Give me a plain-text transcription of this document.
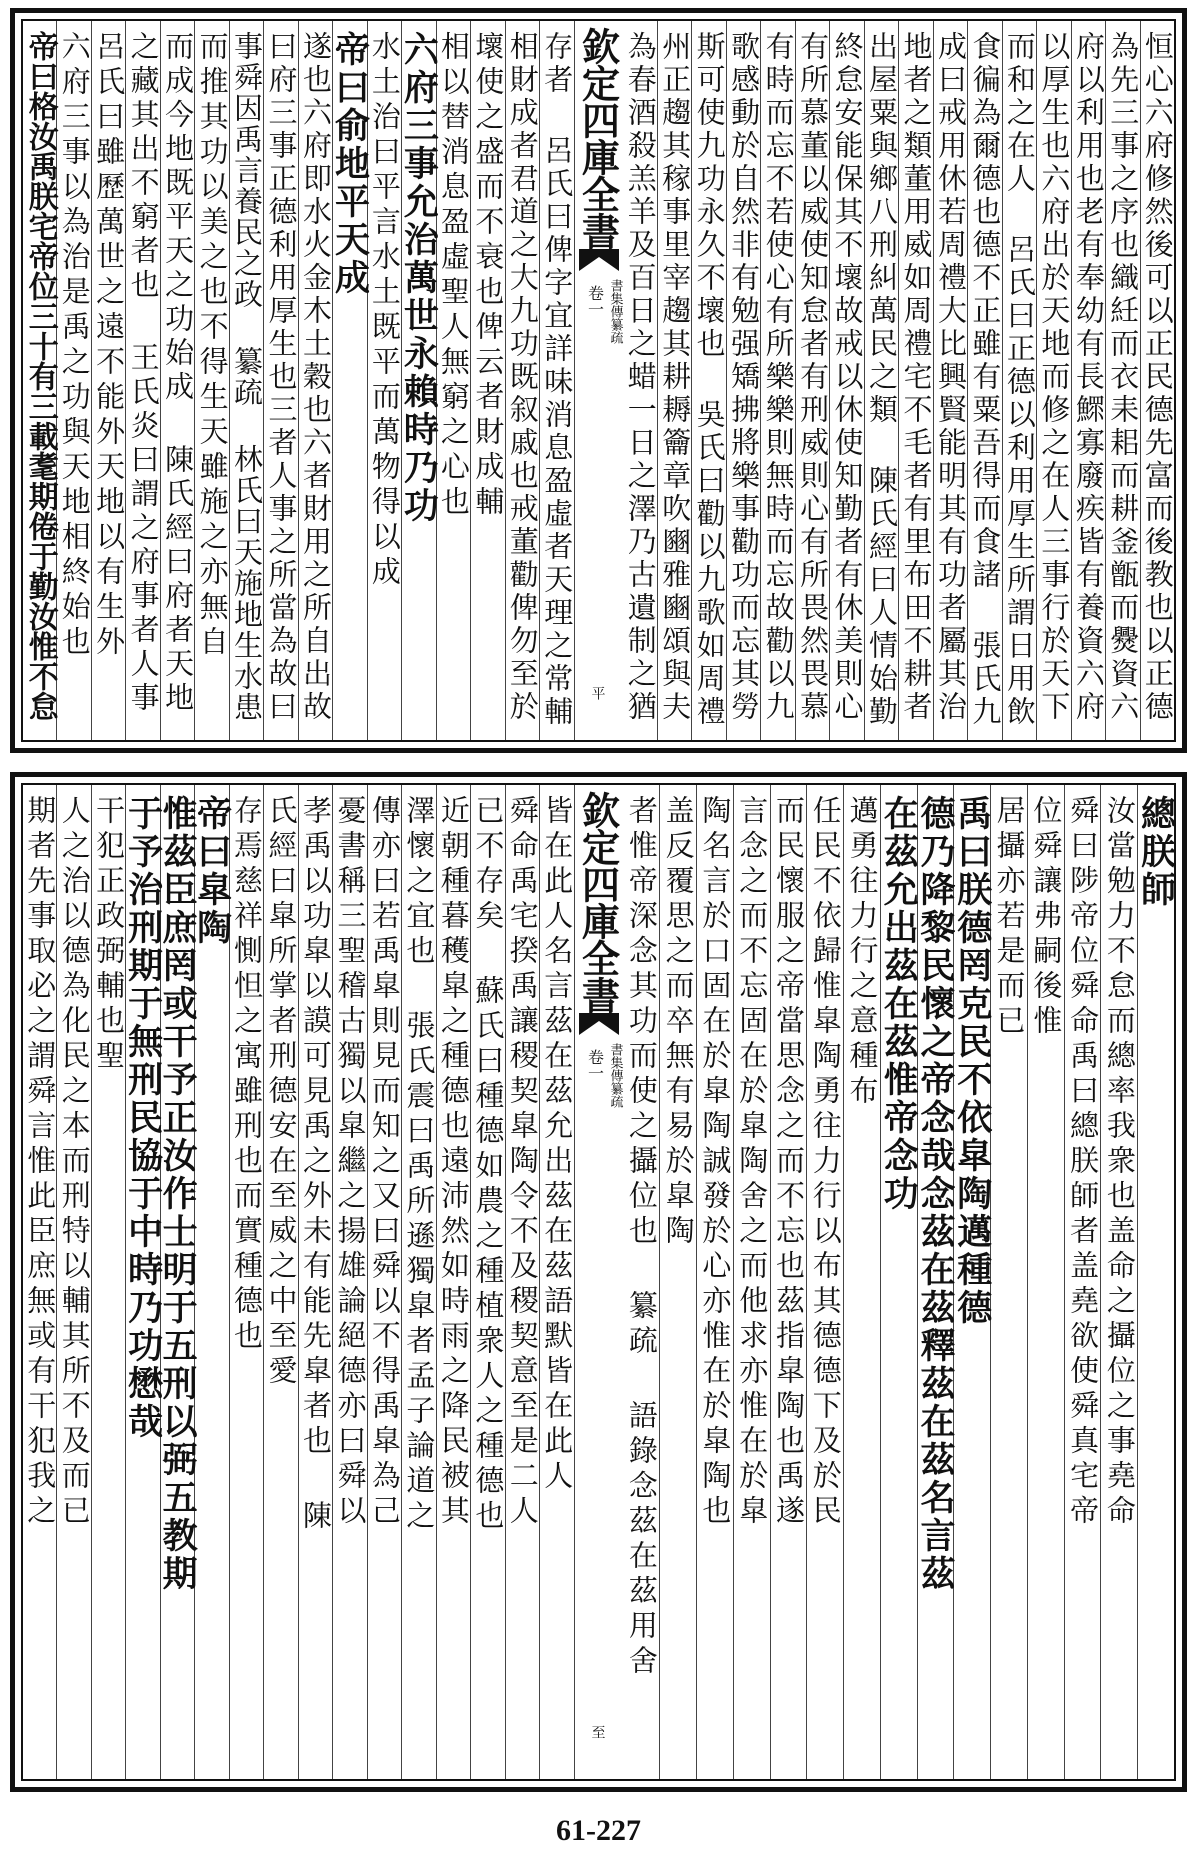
恒心六府修然後可以正民德先富而後教也以正德
為先三事之序也織紝而衣耒耜而耕釜甑而㸑資六
府以利用也老有奉幼有長鰥寡廢疾皆有養資六府
以厚生也六府出於天地而修之在人三事行於天下
而和之在人 呂氏曰正德以利用厚生所謂日用飲
食徧為爾德也德不正雖有粟吾得而食諸 張氏九
成曰戒用休若周禮大比興賢能明其有功者屬其治
地者之類董用威如周禮宅不毛者有里布田不耕者
出屋粟與鄉八刑糾萬民之類 陳氏經曰人情始勤
終怠安能保其不壞故戒以休使知勤者有休美則心
有所慕董以威使知怠者有刑威則心有所畏然畏慕
有時而忘不若使心有所樂樂則無時而忘故勸以九
歌感動於自然非有勉强矯拂將樂事勸功而忘其勞
斯可使九功永久不壞也 吳氏曰勸以九歌如周禮
州正趨其稼事里宰趨其耕耨籥章吹豳雅豳頌與夫
為春酒殺羔羊及百日之蜡一日之澤乃古遺制之猶
欽定四庫全書
卷一 書集傳纂疏
平
存者 呂氏曰俾字宜詳味消息盈虛者天理之常輔
相財成者君道之大九功既叙戚也戒董勸俾勿至於
壞使之盛而不衰也俾云者財成輔
相以替消息盈虛聖人無窮之心也
六府三事允治萬世永賴時乃功
水土治曰平言水土既平而萬物得以成
帝曰俞地平天成
遂也六府即水火金木土穀也六者財用之所自出故
曰府三事正德利用厚生也三者人事之所當為故曰
事舜因禹言養民之政 纂疏 林氏曰天施地生水患
而推其功以美之也不得生天雖施之亦無自
而成今地既平天之功始成 陳氏經曰府者天地
之藏其出不窮者也 王氏炎曰謂之府事者人事
呂氏曰雖歷萬世之遠不能外天地以有生外
六府三事以為治是禹之功與天地相終始也
帝曰格汝禹朕宅帝位三十有三載耄期倦于勤汝惟不怠
總朕師
汝當勉力不怠而總率我衆也盖命之攝位之事堯命
舜曰陟帝位舜命禹曰總朕師者盖堯欲使舜真宅帝
位舜讓弗嗣後惟
居攝亦若是而已
禹曰朕德罔克民不依皐陶邁種德
德乃降黎民懷之帝念哉念茲在茲釋茲在茲名言茲
在茲允出茲在茲惟帝念功
邁勇往力行之意種布
任民不依歸惟皐陶勇往力行以布其德德下及於民
而民懷服之帝當思念之而不忘也茲指皐陶也禹遂
言念之而不忘固在於皐陶舍之而他求亦惟在於皐
陶名言於口固在於皐陶誠發於心亦惟在於皐陶也
盖反覆思之而卒無有易於皐陶
者惟帝深念其功而使之攝位也 纂疏 語錄念茲在茲用舍
欽定四庫全書
卷一 書集傳纂疏
至
皆在此人名言茲在茲允出茲在茲語默皆在此人
舜命禹宅揆禹讓稷契皐陶令不及稷契意至是二人
已不存矣 蘇氏曰種德如農之種植衆人之種德也
近朝種暮穫皐之種德也遠沛然如時雨之降民被其
澤懷之宜也 張氏震曰禹所遜獨皐者孟子論道之
傳亦曰若禹皐則見而知之又曰舜以不得禹皐為己
憂書稱三聖稽古獨以皐繼之揚雄論絕德亦曰舜以
孝禹以功皐以謨可見禹之外未有能先皐者也 陳
氏經曰皐所掌者刑德安在至威之中至愛
存焉慈祥惻怛之寓雖刑也而實種德也
帝曰皐陶
惟茲臣庶罔或干予正汝作士明于五刑以弼五教期
于予治刑期于無刑民協于中時乃功懋哉
干犯正政弼輔也聖
人之治以德為化民之本而刑特以輔其所不及而已
期者先事取必之謂舜言惟此臣庶無或有干犯我之
61-227
